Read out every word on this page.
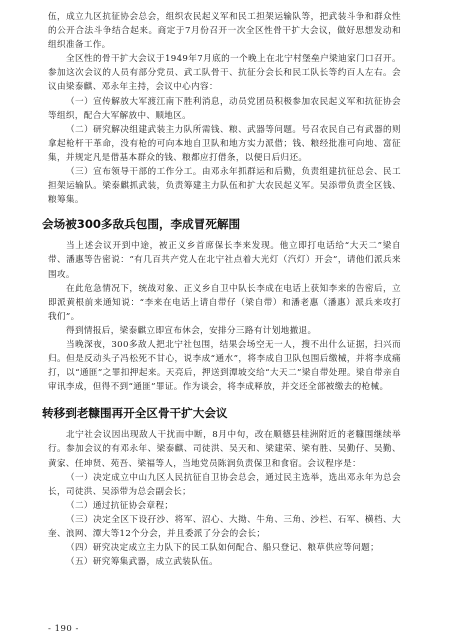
伍，成立九区抗征协会总会，组织农民起义军和民工担架运输队等，把武装斗争和群众性的公开合法斗争结合起来。商定于7月份召开一次全区性骨干扩大会议，做好思想发动和组织准备工作。

全区性的骨干扩大会议于1949年7月底的一个晚上在北宁村堡垒户梁迪家门口召开。参加这次会议的人员有部分党员、武工队骨干、抗征分会长和民工队长等约百人左右。会议由梁泰麒、邓永年主持，会议中心内容：

（一）宣传解放大军渡江南下胜利消息，动员党团员积极参加农民起义军和抗征协会等组织，配合大军解放中、顺地区。

（二）研究解决组建武装主力队所需钱、粮、武器等问题。号召农民自己有武器的则拿起枪杆干革命，没有枪的可向本地自卫队和地方实力派借；钱、粮经批准可向地、富征集，并规定凡是借基本群众的钱、粮都应打借条，以便日后归还。

（三）宣布领导干部的工作分工。由邓永年抓群运和后勤，负责组建抗征总会、民工担架运输队。梁泰麒抓武装，负责筹建主力队伍和扩大农民起义军。吴添带负责全区钱、粮筹集。

会场被300多敌兵包围，李成冒死解围

当上述会议开到中途，被正义乡首席保长李来发现。他立即打电话给“大天二”梁自带、潘惠等告密说：“有几百共产党人在北宁社点着大光灯（汽灯）开会”，请他们派兵来围攻。

在此危急情况下，统战对象、正义乡自卫中队长李成在电话上获知李来的告密后，立即派黄根前来通知说：“李来在电话上请自带仔（梁自带）和潘老惠（潘惠）派兵来攻打我们”。

得到情报后，梁泰麒立即宣布休会，安排分三路有计划地撤退。

当晚深夜，300多敌人把北宁社包围，结果会场空无一人，搜不出什么证据，扫兴而归。但是反动头子冯松死不甘心，说李成“通水”，将李成自卫队包围后缴械，并将李成痛打，以“通匪”之罪扣押起来。天亮后，押送到潭坡交给“大天二”梁自带处理。梁自带亲自审讯李成，但得不到“通匪”罪证。作为谈会，将李成释放，并交还全部被缴去的枪械。

转移到老糠围再开全区骨干扩大会议

北宁社会议因出现敌人干扰而中断，8月中旬，改在顺德县桂洲附近的老糠围继续举行。参加会议的有邓永年、梁泰麒、司徒洪、吴天和、梁建荣、梁有胜、吴勤仔、吴勤、黄家、任坤贤、苑吾、梁福等人，当地党员陈润负责保卫和食宿。会议程序是：

（一）决定成立中山九区人民抗征自卫协会总会，通过民主选举，选出邓永年为总会长，司徒洪、吴添带为总会副会长；

（二）通过抗征协会章程；

（三）决定全区下设孖沙、将军、沼心、大拗、牛角、三角、沙栏、石军、横档、大奎、浪网、潭大等12个分会，并且委派了分会的会长；

（四）研究决定成立主力队下的民工队如何配合、船只登记、粮草供应等问题；

（五）研究筹集武器，成立武装队伍。

- 190 -
